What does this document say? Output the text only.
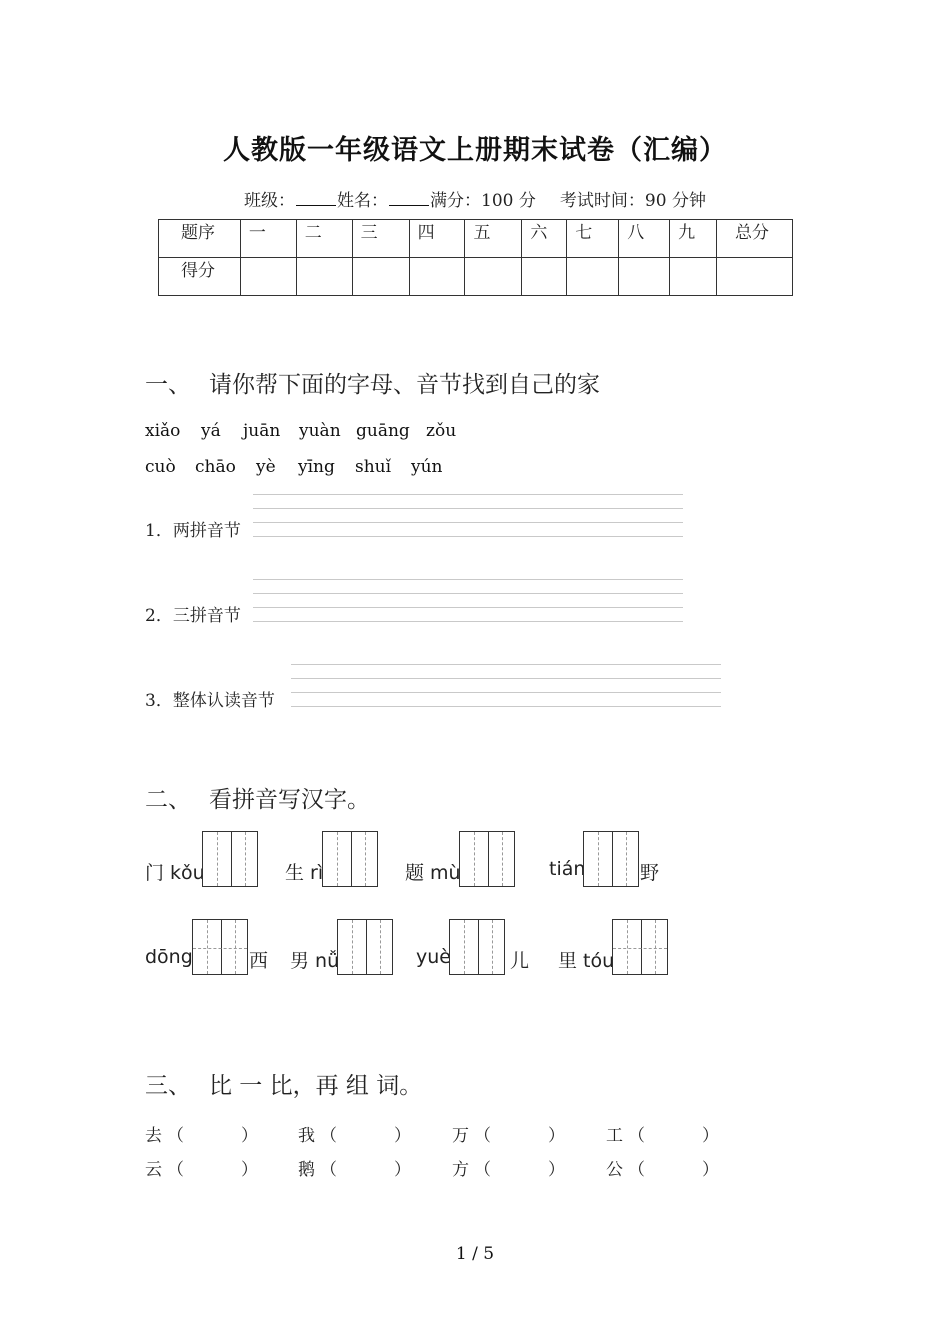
人教版一年级语文上册期末试卷（汇编）
班级： 姓名： 满分：100 分 考试时间：90 分钟
题序	一	二	三	四	五	六	七	八	九	总分
得分										
一、 请你帮下面的字母、音节找到自己的家
xiǎo yá juān yuàn guāng zǒu
cuò chāo yè yīng shuǐ yún
1．两拼音节
2．三拼音节
3．整体认读音节
二、 看拼音写汉字。
门 kǒu	生 rì	题 mù	tián	野
dōng	西 男 nǚ	yuè	儿 里 tóu
三、 比 一 比，再 组 词。
去 （	） 我 （	） 万 （	） 工 （	）
云 （	） 鹅 （	） 方 （	） 公 （	）
1 / 5
